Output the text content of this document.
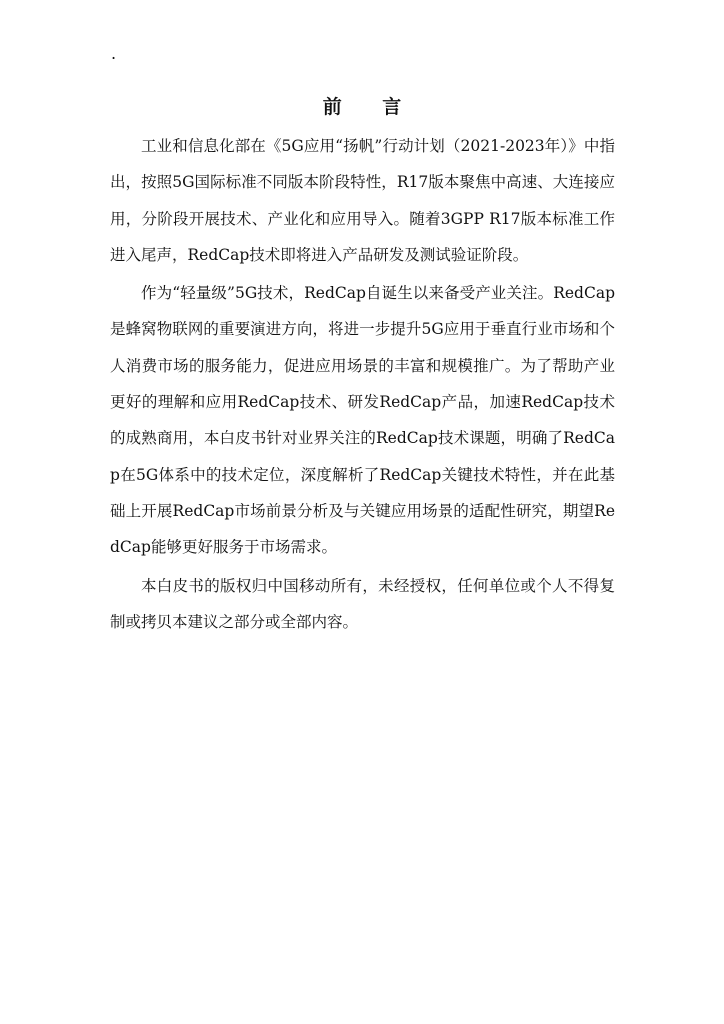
.
前 言

工业和信息化部在《5G应用“扬帆”行动计划（2021-2023年）》中指出，按照5G国际标准不同版本阶段特性，R17版本聚焦中高速、大连接应用，分阶段开展技术、产业化和应用导入。随着3GPP R17版本标准工作进入尾声，RedCap技术即将进入产品研发及测试验证阶段。

作为“轻量级”5G技术，RedCap自诞生以来备受产业关注。RedCap是蜂窝物联网的重要演进方向，将进一步提升5G应用于垂直行业市场和个人消费市场的服务能力，促进应用场景的丰富和规模推广。为了帮助产业更好的理解和应用RedCap技术、研发RedCap产品，加速RedCap技术的成熟商用，本白皮书针对业界关注的RedCap技术课题，明确了RedCap在5G体系中的技术定位，深度解析了RedCap关键技术特性，并在此基础上开展RedCap市场前景分析及与关键应用场景的适配性研究，期望RedCap能够更好服务于市场需求。

本白皮书的版权归中国移动所有，未经授权，任何单位或个人不得复制或拷贝本建议之部分或全部内容。
